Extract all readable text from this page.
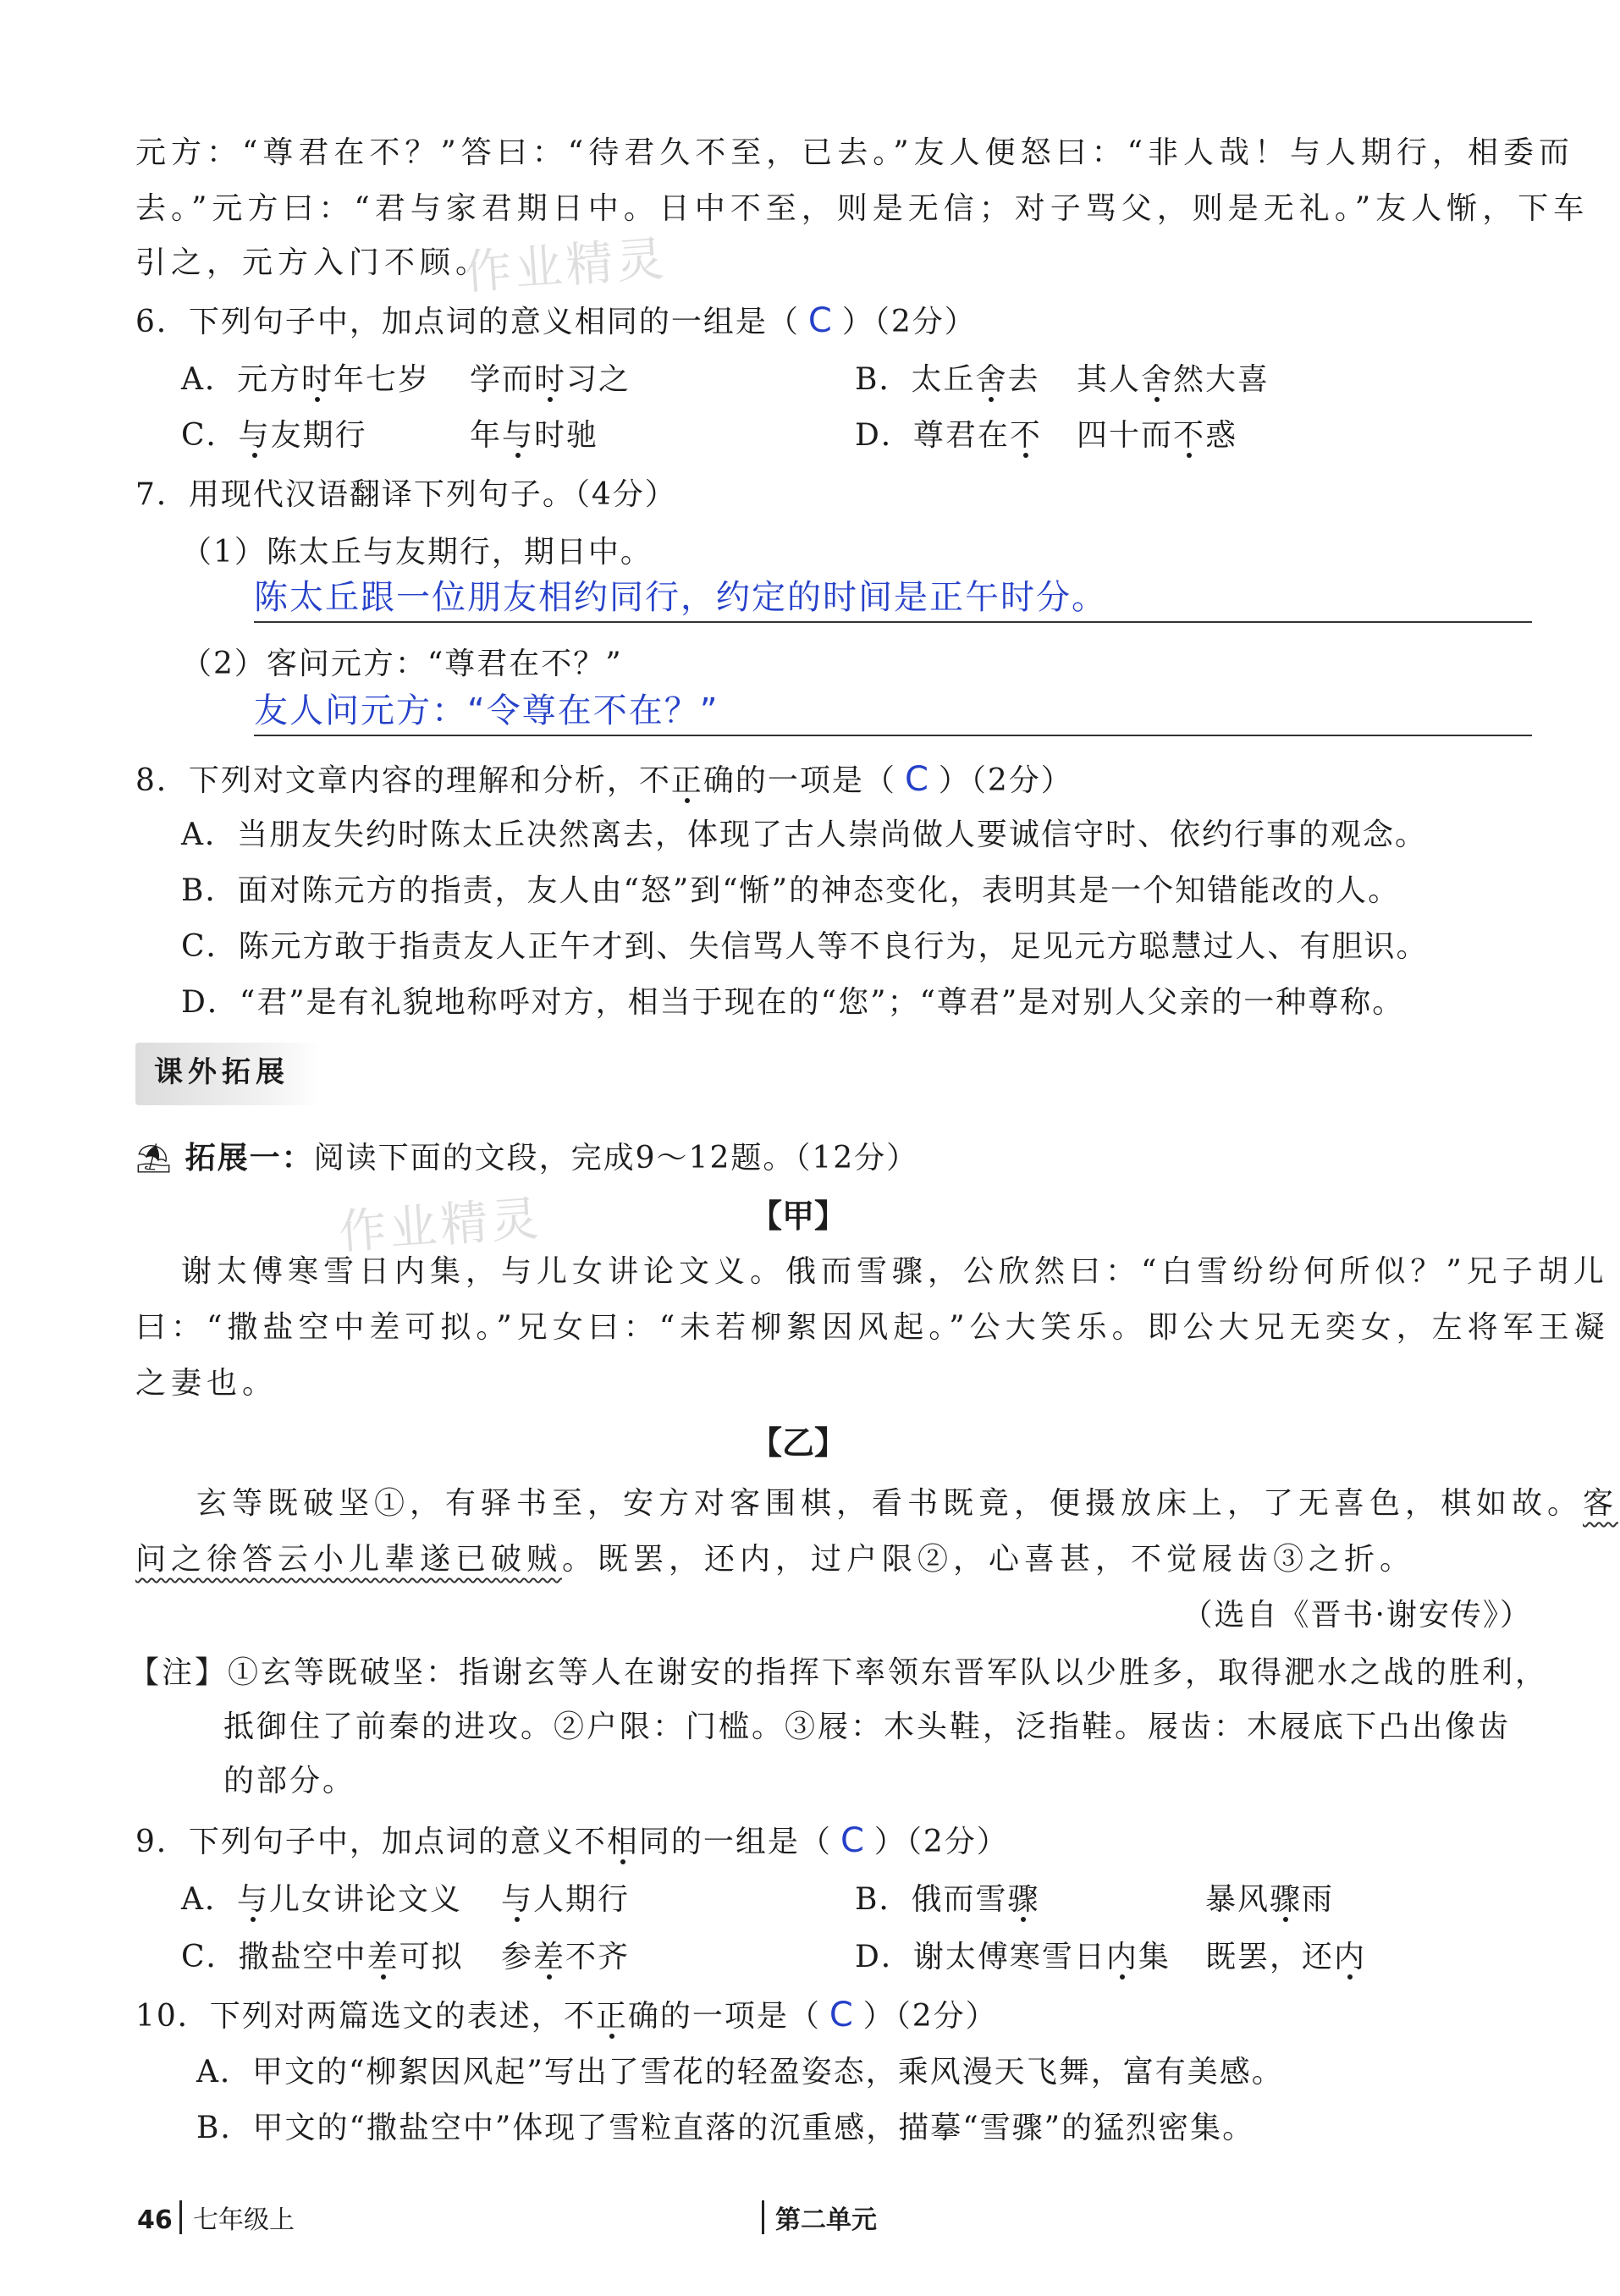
元方：“尊君在不？”答曰：“待君久不至，已去。”友人便怒曰：“非人哉！与人期行，相委而
去。”元方曰：“君与家君期日中。日中不至，则是无信；对子骂父，则是无礼。”友人惭，下车
引之，元方入门不顾。
作业精灵
6．下列句子中，加点词的意义相同的一组是（ C ）（2分）
A．元方时年七岁 学而时习之	B．太丘舍去 其人舍然大喜
C．与友期行	年与时驰	D．尊君在不 四十而不惑
7．用现代汉语翻译下列句子。（4分）
（1）陈太丘与友期行，期日中。
陈太丘跟一位朋友相约同行，约定的时间是正午时分。
（2）客问元方：“尊君在不？”
友人问元方：“令尊在不在？”
8．下列对文章内容的理解和分析，不正确的一项是（ C ）（2分）
A．当朋友失约时陈太丘决然离去，体现了古人崇尚做人要诚信守时、依约行事的观念。
B．面对陈元方的指责，友人由“怒”到“惭”的神态变化，表明其是一个知错能改的人。
C．陈元方敢于指责友人正午才到、失信骂人等不良行为，足见元方聪慧过人、有胆识。
D．“君”是有礼貌地称呼对方，相当于现在的“您”；“尊君”是对别人父亲的一种尊称。
课外拓展
⛱ 拓展一：阅读下面的文段，完成9～12题。（12分）
作业精灵	【甲】
谢太傅寒雪日内集，与儿女讲论文义。俄而雪骤，公欣然曰：“白雪纷纷何所似？”兄子胡儿
曰：“撒盐空中差可拟。”兄女曰：“未若柳絮因风起。”公大笑乐。即公大兄无奕女，左将军王凝
之妻也。
【乙】
玄等既破坚①，有驿书至，安方对客围棋，看书既竟，便摄放床上，了无喜色，棋如故。客
问之徐答云小儿辈遂已破贼。既罢，还内，过户限②，心喜甚，不觉屐齿③之折。
（选自《晋书·谢安传》）
【注】①玄等既破坚：指谢玄等人在谢安的指挥下率领东晋军队以少胜多，取得淝水之战的胜利，
抵御住了前秦的进攻。②户限：门槛。③屐：木头鞋，泛指鞋。屐齿：木屐底下凸出像齿
的部分。
9．下列句子中，加点词的意义不相同的一组是（ C ）（2分）
A．与儿女讲论文义 与人期行	B．俄而雪骤	暴风骤雨
C．撒盐空中差可拟 参差不齐	D．谢太傅寒雪日内集 既罢，还内
10．下列对两篇选文的表述，不正确的一项是（ C ）（2分）
A．甲文的“柳絮因风起”写出了雪花的轻盈姿态，乘风漫天飞舞，富有美感。
B．甲文的“撒盐空中”体现了雪粒直落的沉重感，描摹“雪骤”的猛烈密集。
46 七年级上	第二单元
